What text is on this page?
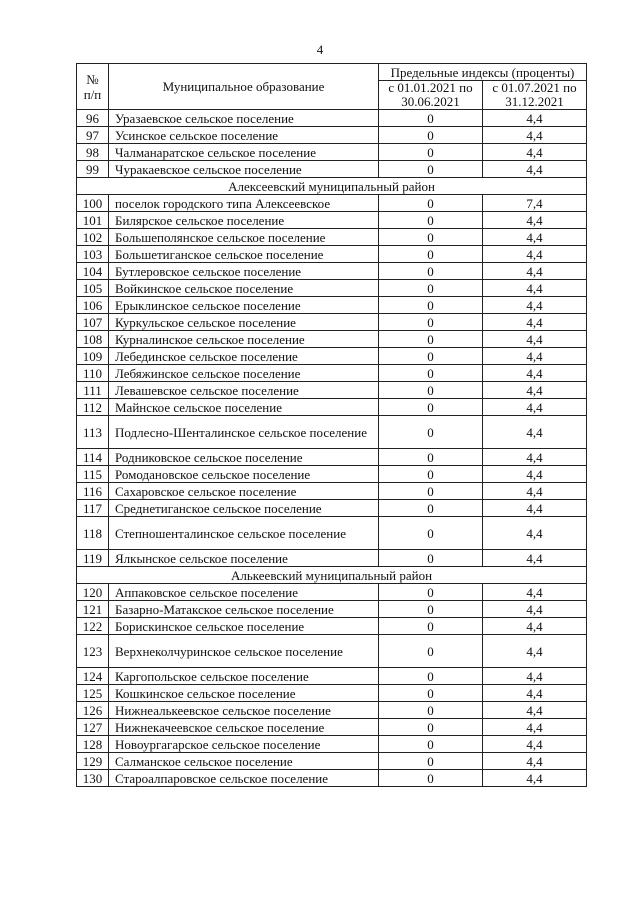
4
№ п/п	Муниципальное образование	Предельные индексы (проценты)	
		с 01.01.2021 по 30.06.2021	с 01.07.2021 по 31.12.2021
96	Уразаевское сельское поселение	0	4,4
97	Усинское сельское поселение	0	4,4
98	Чалманаратское сельское поселение	0	4,4
99	Чуракаевское сельское поселение	0	4,4
Алексеевский муниципальный район			
100	поселок городского типа Алексеевское	0	7,4
101	Билярское сельское поселение	0	4,4
102	Большеполянское сельское поселение	0	4,4
103	Большетиганское сельское поселение	0	4,4
104	Бутлеровское сельское поселение	0	4,4
105	Войкинское сельское поселение	0	4,4
106	Ерыклинское сельское поселение	0	4,4
107	Куркульское сельское поселение	0	4,4
108	Курналинское сельское поселение	0	4,4
109	Лебединское сельское поселение	0	4,4
110	Лебяжинское сельское поселение	0	4,4
111	Левашевское сельское поселение	0	4,4
112	Майнское сельское поселение	0	4,4
113	Подлесно-Шенталинское сельское поселение	0	4,4
114	Родниковское сельское поселение	0	4,4
115	Ромодановское сельское поселение	0	4,4
116	Сахаровское сельское поселение	0	4,4
117	Среднетиганское сельское поселение	0	4,4
118	Степношенталинское сельское поселение	0	4,4
119	Ялкынское сельское поселение	0	4,4
Алькеевский муниципальный район			
120	Аппаковское сельское поселение	0	4,4
121	Базарно-Матакское сельское поселение	0	4,4
122	Борискинское сельское поселение	0	4,4
123	Верхнеколчуринское сельское поселение	0	4,4
124	Каргопольское сельское поселение	0	4,4
125	Кошкинское сельское поселение	0	4,4
126	Нижнеалькеевское сельское поселение	0	4,4
127	Нижнекачеевское сельское поселение	0	4,4
128	Новоургагарское сельское поселение	0	4,4
129	Салманское сельское поселение	0	4,4
130	Староалпаровское сельское поселение	0	4,4
